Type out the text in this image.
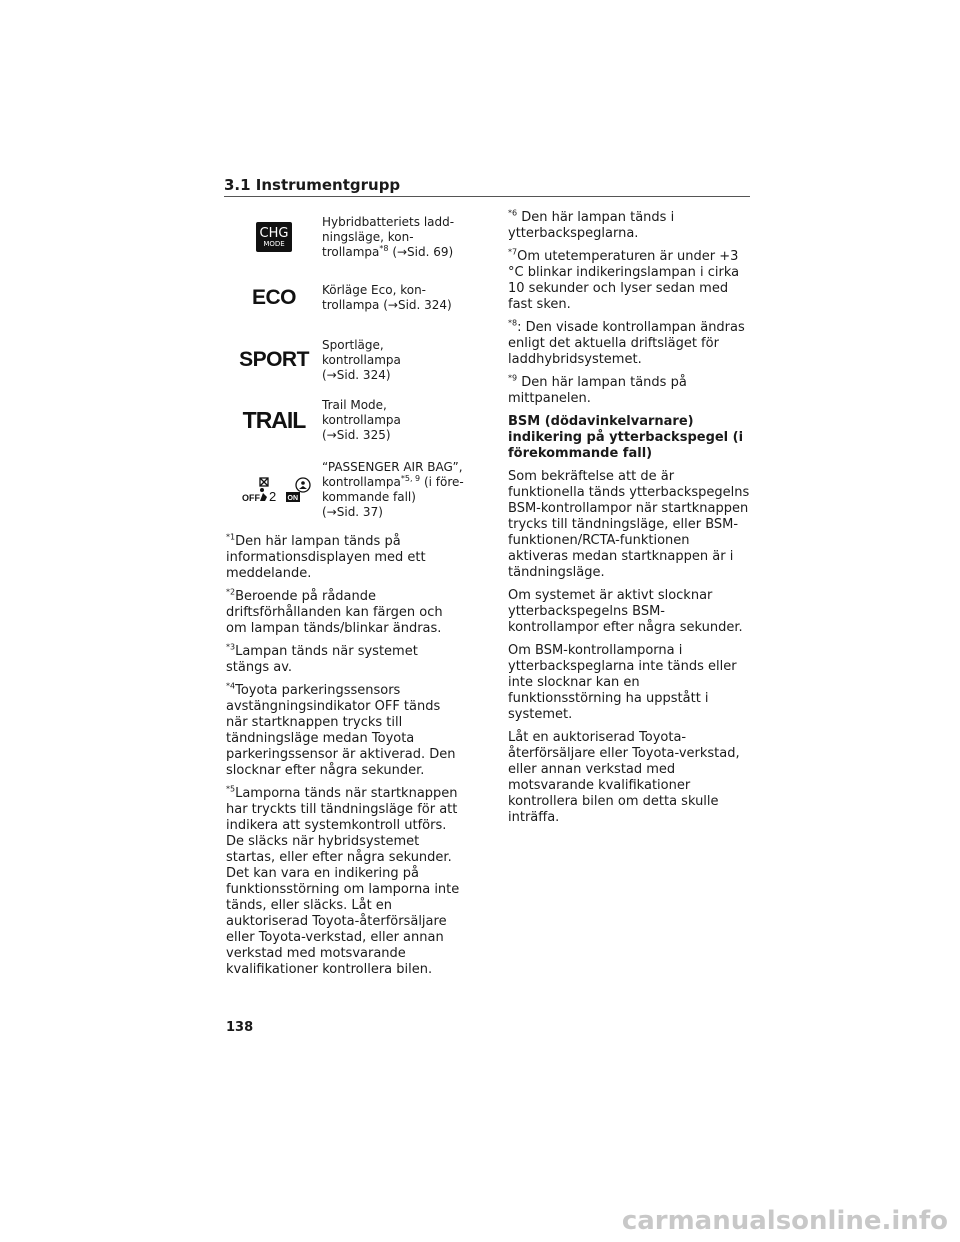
3.1 Instrumentgrupp
CHG
MODE
Hybridbatteriets ladd-
ningsläge, kon-
trollampa$^{*8}$ (→Sid. 69)
ECO Körläge Eco, kon-
trollampa (→Sid. 324)
SPORT
Sportläge, kontrollampa
(→Sid. 324)
TRAIL
Trail Mode, kontrollampa
(→Sid. 325)
OFF 2 ON
“PASSENGER AIR BAG”,
kontrollampa$^{*5, 9}$ (i före-
kommande fall)
(→Sid. 37)

$^{*1}$Den här lampan tänds på informationsdisplayen med ett meddelande.

$^{*2}$Beroende på rådande driftsförhållanden kan färgen och om lampan tänds/blinkar ändras.

$^{*3}$Lampan tänds när systemet stängs av.

$^{*4}$Toyota parkeringssensors avstängningsindikator OFF tänds när startknappen trycks till tändningsläge medan Toyota parkeringssensor är aktiverad. Den slocknar efter några sekunder.

$^{*5}$Lamporna tänds när startknappen har tryckts till tändningsläge för att indikera att systemkontroll utförs. De släcks när hybridsystemet startas, eller efter några sekunder. Det kan vara en indikering på funktionsstörning om lamporna inte tänds, eller släcks. Låt en auktoriserad Toyota-återförsäljare eller Toyota-verkstad, eller annan verkstad med motsvarande kvalifikationer kontrollera bilen.

$^{*6}$ Den här lampan tänds i ytterbackspeglarna.

$^{*7}$Om utetemperaturen är under +3 °C blinkar indikeringslampan i cirka 10 sekunder och lyser sedan med fast sken.

$^{*8}$: Den visade kontrollampan ändras enligt det aktuella driftsläget för laddhybridsystemet.

$^{*9}$ Den här lampan tänds på mittpanelen.

BSM (dödavinkelvarnare) indikering på ytterbackspegel (i förekommande fall)

Som bekräftelse att de är funktionella tänds ytterbackspegelns BSM-kontrollampor när startknappen trycks till tändningsläge, eller BSM-funktionen/RCTA-funktionen aktiveras medan startknappen är i tändningsläge.

Om systemet är aktivt slocknar ytterbackspegelns BSM-kontrollampor efter några sekunder.

Om BSM-kontrollamporna i ytterbackspeglarna inte tänds eller inte slocknar kan en funktionsstörning ha uppstått i systemet.

Låt en auktoriserad Toyota-återförsäljare eller Toyota-verkstad, eller annan verkstad med motsvarande kvalifikationer kontrollera bilen om detta skulle inträffa.

138
carmanualsonline.info
